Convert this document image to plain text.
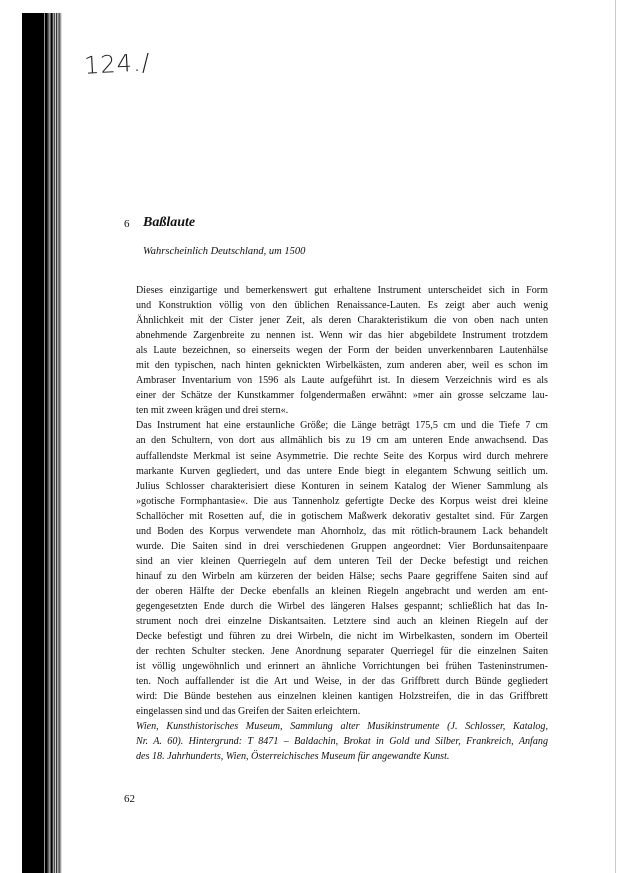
124./
6 Baßlaute
Wahrscheinlich Deutschland, um 1500
Dieses einzigartige und bemerkenswert gut erhaltene Instrument unterscheidet sich in Form
und Konstruktion völlig von den üblichen Renaissance-Lauten. Es zeigt aber auch wenig
Ähnlichkeit mit der Cister jener Zeit, als deren Charakteristikum die von oben nach unten
abnehmende Zargenbreite zu nennen ist. Wenn wir das hier abgebildete Instrument trotzdem
als Laute bezeichnen, so einerseits wegen der Form der beiden unverkennbaren Lautenhälse
mit den typischen, nach hinten geknickten Wirbelkästen, zum anderen aber, weil es schon im
Ambraser Inventarium von 1596 als Laute aufgeführt ist. In diesem Verzeichnis wird es als
einer der Schätze der Kunstkammer folgendermaßen erwähnt: »mer ain grosse selczame lau-
ten mit zween krägen und drei stern«.
Das Instrument hat eine erstaunliche Größe; die Länge beträgt 175,5 cm und die Tiefe 7 cm
an den Schultern, von dort aus allmählich bis zu 19 cm am unteren Ende anwachsend. Das
auffallendste Merkmal ist seine Asymmetrie. Die rechte Seite des Korpus wird durch mehrere
markante Kurven gegliedert, und das untere Ende biegt in elegantem Schwung seitlich um.
Julius Schlosser charakterisiert diese Konturen in seinem Katalog der Wiener Sammlung als
»gotische Formphantasie«. Die aus Tannenholz gefertigte Decke des Korpus weist drei kleine
Schallöcher mit Rosetten auf, die in gotischem Maßwerk dekorativ gestaltet sind. Für Zargen
und Boden des Korpus verwendete man Ahornholz, das mit rötlich-braunem Lack behandelt
wurde. Die Saiten sind in drei verschiedenen Gruppen angeordnet: Vier Bordunsaitenpaare
sind an vier kleinen Querriegeln auf dem unteren Teil der Decke befestigt und reichen
hinauf zu den Wirbeln am kürzeren der beiden Hälse; sechs Paare gegriffene Saiten sind auf
der oberen Hälfte der Decke ebenfalls an kleinen Riegeln angebracht und werden am ent-
gegengesetzten Ende durch die Wirbel des längeren Halses gespannt; schließlich hat das In-
strument noch drei einzelne Diskantsaiten. Letztere sind auch an kleinen Riegeln auf der
Decke befestigt und führen zu drei Wirbeln, die nicht im Wirbelkasten, sondern im Oberteil
der rechten Schulter stecken. Jene Anordnung separater Querriegel für die einzelnen Saiten
ist völlig ungewöhnlich und erinnert an ähnliche Vorrichtungen bei frühen Tasteninstrumen-
ten. Noch auffallender ist die Art und Weise, in der das Griffbrett durch Bünde gegliedert
wird: Die Bünde bestehen aus einzelnen kleinen kantigen Holzstreifen, die in das Griffbrett
eingelassen sind und das Greifen der Saiten erleichtern.
Wien, Kunsthistorisches Museum, Sammlung alter Musikinstrumente (J. Schlosser, Katalog,
Nr. A. 60). Hintergrund: T 8471 – Baldachin, Brokat in Gold und Silber, Frankreich, Anfang
des 18. Jahrhunderts, Wien, Österreichisches Museum für angewandte Kunst.
62
